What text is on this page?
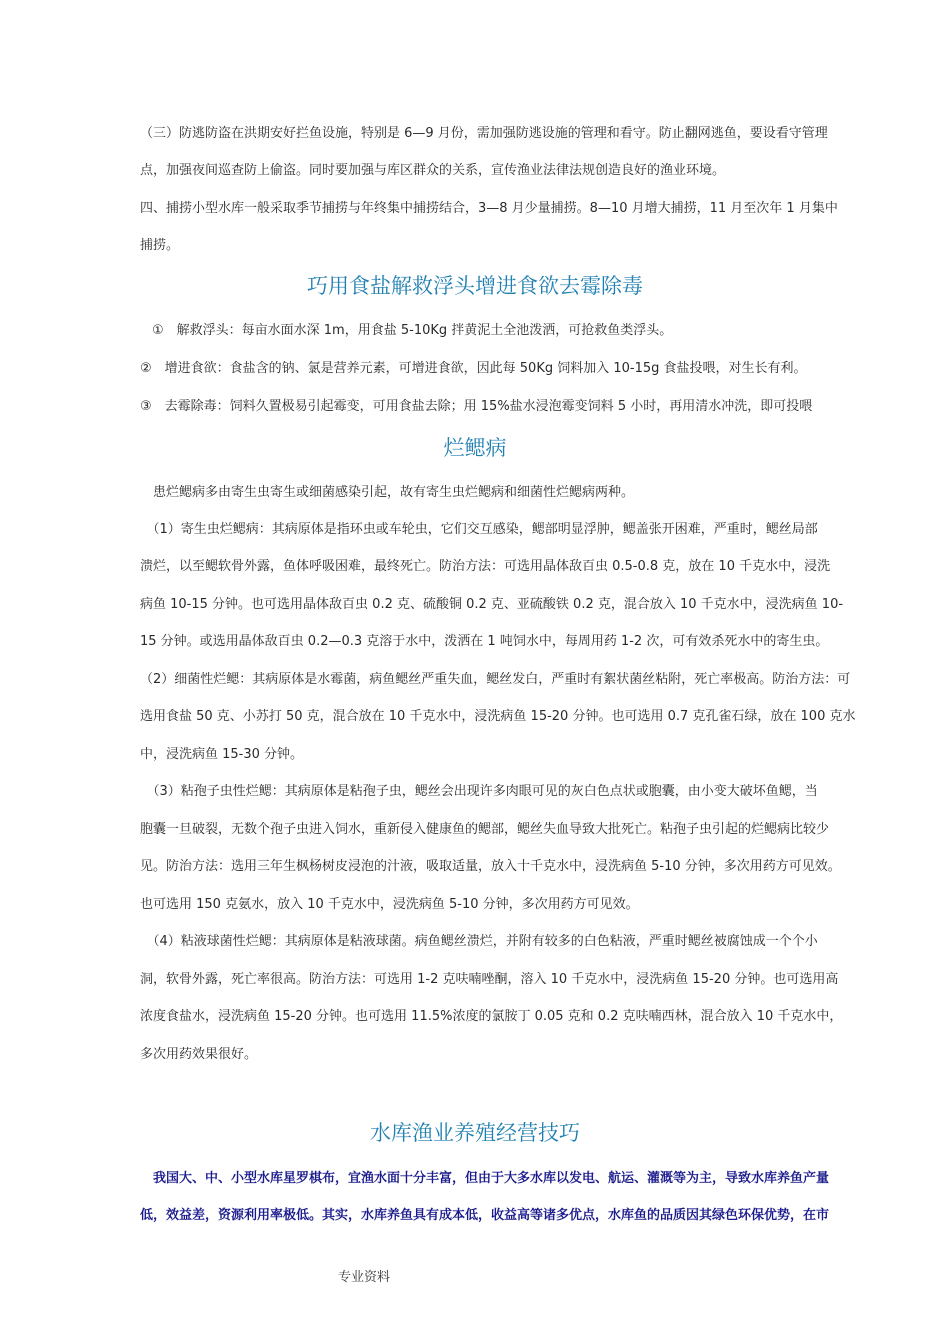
（三）防逃防盗在洪期安好拦鱼设施，特别是 6—9 月份，需加强防逃设施的管理和看守。防止翻网逃鱼，要设看守管理
点，加强夜间巡查防上偷盗。同时要加强与库区群众的关系，宣传渔业法律法规创造良好的渔业环境。
四、捕捞小型水库一般采取季节捕捞与年终集中捕捞结合，3—8 月少量捕捞。8—10 月增大捕捞，11 月至次年 1 月集中
捕捞。
巧用食盐解救浮头增进食欲去霉除毒
①　解救浮头：每亩水面水深 1m，用食盐 5-10Kg 拌黄泥土全池泼洒，可抢救鱼类浮头。
②　增进食欲：食盐含的钠、氯是营养元素，可增进食欲，因此每 50Kg 饲料加入 10-15g 食盐投喂，对生长有利。
③　去霉除毒：饲料久置极易引起霉变，可用食盐去除；用 15%盐水浸泡霉变饲料 5 小时，再用清水冲洗，即可投喂
烂鳃病
　患烂鳃病多由寄生虫寄生或细菌感染引起，故有寄生虫烂鳃病和细菌性烂鳃病两种。
　（1）寄生虫烂鳃病：其病原体是指环虫或车轮虫，它们交互感染，鳃部明显浮肿，鳃盖张开困难，严重时，鳃丝局部
溃烂，以至鳃软骨外露，鱼体呼吸困难，最终死亡。防治方法：可选用晶体敌百虫 0.5-0.8 克，放在 10 千克水中，浸洗
病鱼 10-15 分钟。也可选用晶体敌百虫 0.2 克、硫酸铜 0.2 克、亚硫酸铁 0.2 克，混合放入 10 千克水中，浸洗病鱼 10-
15 分钟。或选用晶体敌百虫 0.2—0.3 克溶于水中，泼洒在 1 吨饲水中，每周用药 1-2 次，可有效杀死水中的寄生虫。
（2）细菌性烂鳃：其病原体是水霉菌，病鱼鳃丝严重失血，鳃丝发白，严重时有絮状菌丝粘附，死亡率极高。防治方法：可
选用食盐 50 克、小苏打 50 克，混合放在 10 千克水中，浸洗病鱼 15-20 分钟。也可选用 0.7 克孔雀石绿，放在 100 克水
中，浸洗病鱼 15-30 分钟。
　（3）粘孢子虫性烂鳃：其病原体是粘孢子虫，鳃丝会出现许多肉眼可见的灰白色点状或胞囊，由小变大破坏鱼鳃，当
胞囊一旦破裂，无数个孢子虫进入饲水，重新侵入健康鱼的鳃部，鳃丝失血导致大批死亡。粘孢子虫引起的烂鳃病比较少
见。防治方法：选用三年生枫杨树皮浸泡的汁液，吸取适量，放入十千克水中，浸洗病鱼 5-10 分钟，多次用药方可见效。
也可选用 150 克氨水，放入 10 千克水中，浸洗病鱼 5-10 分钟，多次用药方可见效。
　（4）粘液球菌性烂鳃：其病原体是粘液球菌。病鱼鳃丝溃烂，并附有较多的白色粘液，严重时鳃丝被腐蚀成一个个小
洞，软骨外露，死亡率很高。防治方法：可选用 1-2 克呋喃唑酮，溶入 10 千克水中，浸洗病鱼 15-20 分钟。也可选用高
浓度食盐水，浸洗病鱼 15-20 分钟。也可选用 11.5%浓度的氯胺丁 0.05 克和 0.2 克呋喃西林，混合放入 10 千克水中，
多次用药效果很好。
水库渔业养殖经营技巧
　我国大、中、小型水库星罗棋布，宜渔水面十分丰富，但由于大多水库以发电、航运、灌溉等为主，导致水库养鱼产量
低，效益差，资源利用率极低。其实，水库养鱼具有成本低，收益高等诸多优点，水库鱼的品质因其绿色环保优势，在市
专业资料
